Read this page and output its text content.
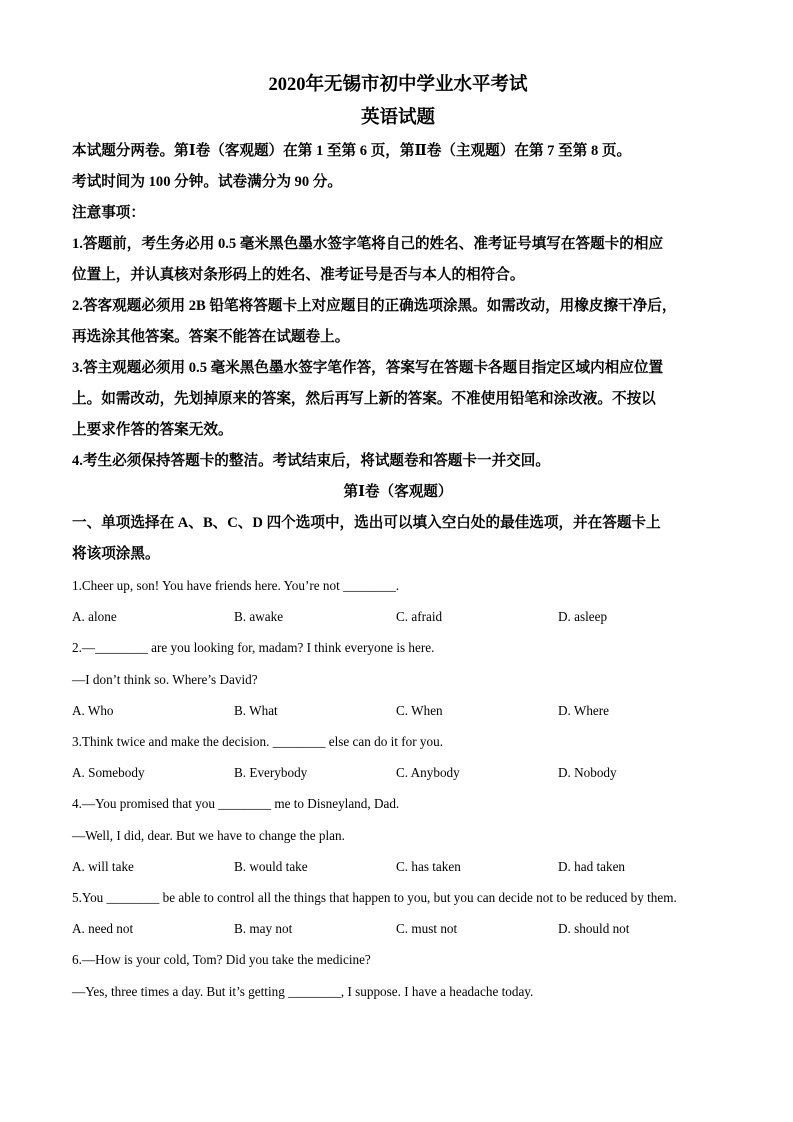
2020年无锡市初中学业水平考试
英语试题
本试题分两卷。第Ⅰ卷（客观题）在第 1 至第 6 页，第Ⅱ卷（主观题）在第 7 至第 8 页。
考试时间为 100 分钟。试卷满分为 90 分。
注意事项：
1.答题前，考生务必用 0.5 毫米黑色墨水签字笔将自己的姓名、准考证号填写在答题卡的相应
位置上，并认真核对条形码上的姓名、准考证号是否与本人的相符合。
2.答客观题必须用 2B 铅笔将答题卡上对应题目的正确选项涂黑。如需改动，用橡皮擦干净后，
再选涂其他答案。答案不能答在试题卷上。
3.答主观题必须用 0.5 毫米黑色墨水签字笔作答，答案写在答题卡各题目指定区域内相应位置
上。如需改动，先划掉原来的答案，然后再写上新的答案。不准使用铅笔和涂改液。不按以
上要求作答的答案无效。
4.考生必须保持答题卡的整洁。考试结束后，将试题卷和答题卡一并交回。
第Ⅰ卷（客观题）
一、单项选择在 A、B、C、D 四个选项中，选出可以填入空白处的最佳选项，并在答题卡上
将该项涂黑。
1.Cheer up, son! You have friends here. You’re not ________.
A. alone	B. awake	C. afraid	D. asleep
2.—________ are you looking for, madam? I think everyone is here.
—I don’t think so. Where’s David?
A. Who	B. What	C. When	D. Where
3.Think twice and make the decision. ________ else can do it for you.
A. Somebody	B. Everybody	C. Anybody	D. Nobody
4.—You promised that you ________ me to Disneyland, Dad.
—Well, I did, dear. But we have to change the plan.
A. will take	B. would take	C. has taken	D. had taken
5.You ________ be able to control all the things that happen to you, but you can decide not to be reduced by them.
A. need not	B. may not	C. must not	D. should not
6.—How is your cold, Tom? Did you take the medicine?
—Yes, three times a day. But it’s getting ________, I suppose. I have a headache today.
